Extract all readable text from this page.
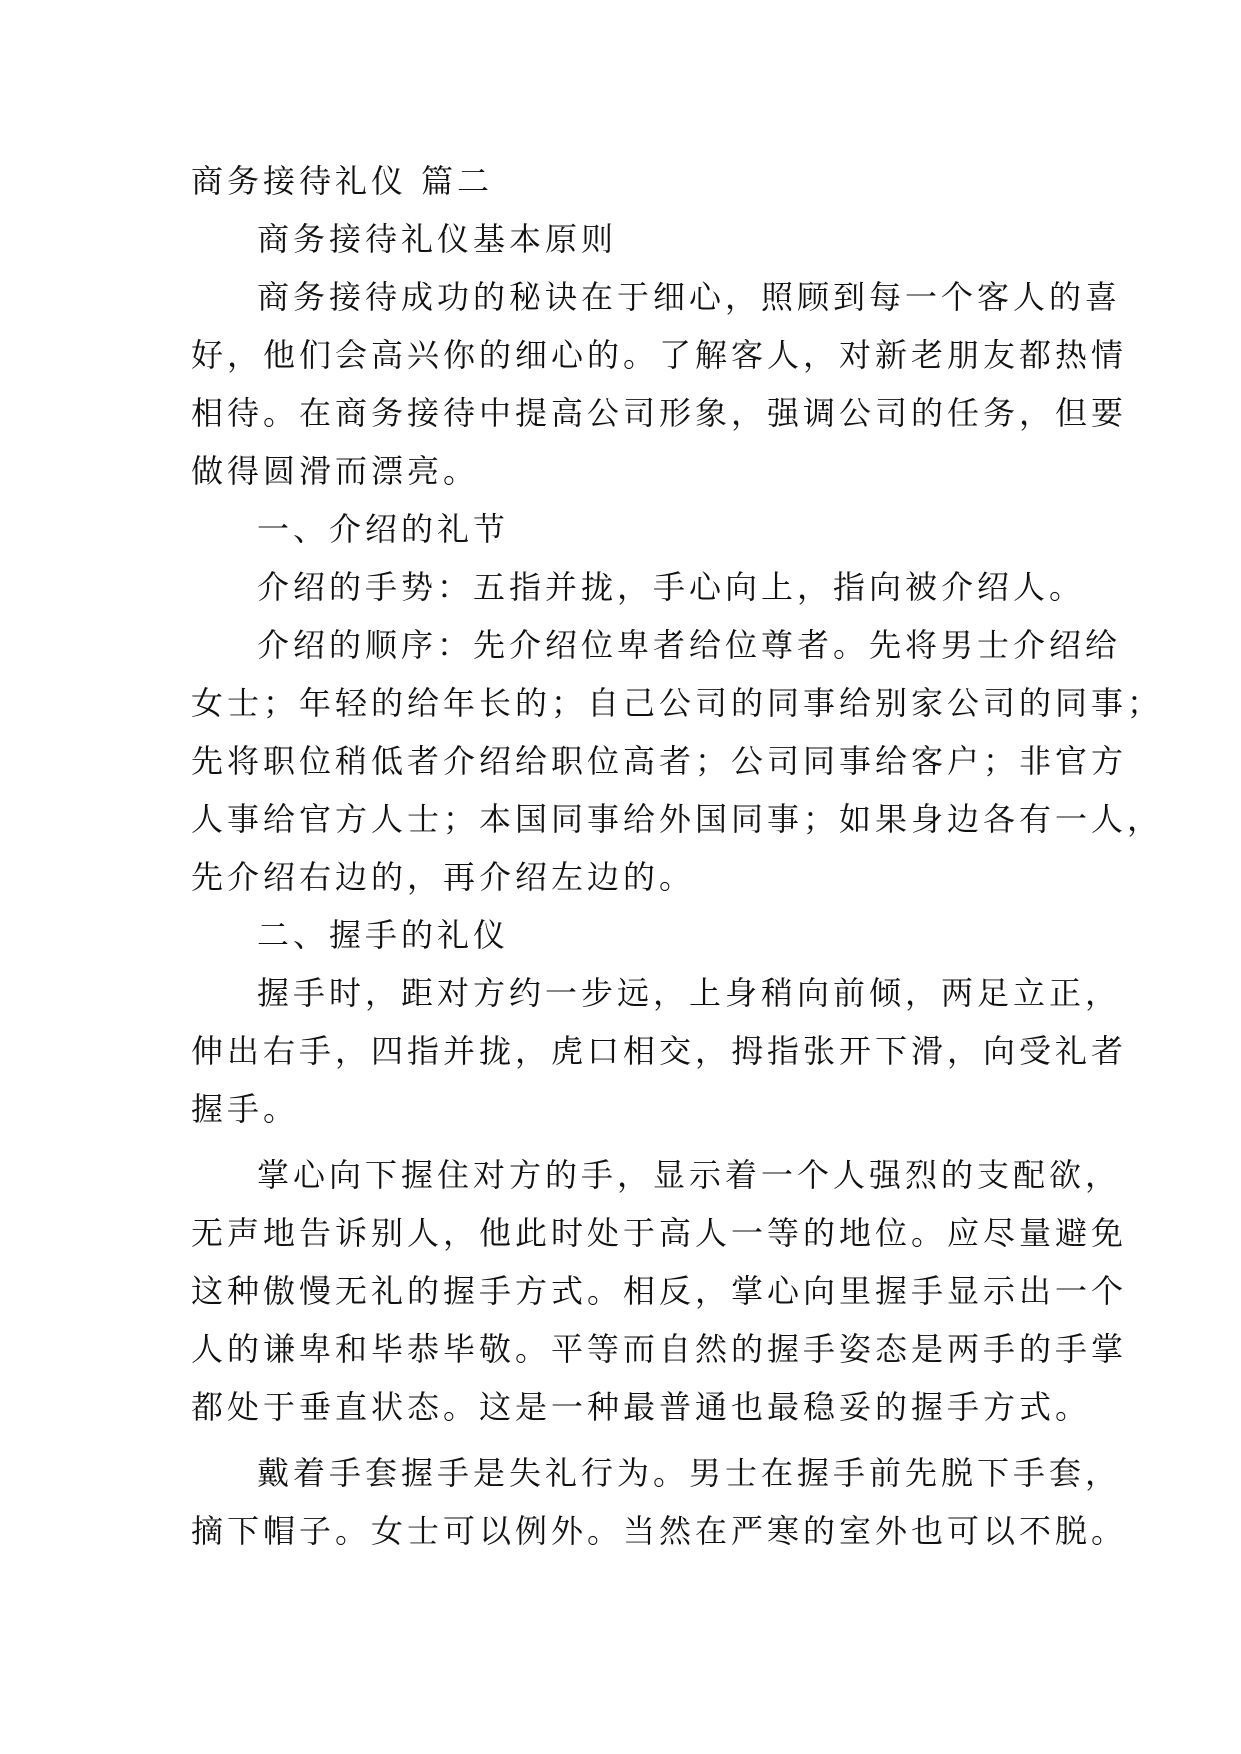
商务接待礼仪 篇二

商务接待礼仪基本原则

商务接待成功的秘诀在于细心，照顾到每一个客人的喜

好，他们会高兴你的细心的。了解客人，对新老朋友都热情

相待。在商务接待中提高公司形象，强调公司的任务，但要

做得圆滑而漂亮。

一、介绍的礼节

介绍的手势：五指并拢，手心向上，指向被介绍人。

介绍的顺序：先介绍位卑者给位尊者。先将男士介绍给

女士；年轻的给年长的；自己公司的同事给别家公司的同事；

先将职位稍低者介绍给职位高者；公司同事给客户；非官方

人事给官方人士；本国同事给外国同事；如果身边各有一人，

先介绍右边的，再介绍左边的。

二、握手的礼仪

握手时，距对方约一步远，上身稍向前倾，两足立正，

伸出右手，四指并拢，虎口相交，拇指张开下滑，向受礼者

握手。

掌心向下握住对方的手，显示着一个人强烈的支配欲，

无声地告诉别人，他此时处于高人一等的地位。应尽量避免

这种傲慢无礼的握手方式。相反，掌心向里握手显示出一个

人的谦卑和毕恭毕敬。平等而自然的握手姿态是两手的手掌

都处于垂直状态。这是一种最普通也最稳妥的握手方式。

戴着手套握手是失礼行为。男士在握手前先脱下手套，

摘下帽子。女士可以例外。当然在严寒的室外也可以不脱。
